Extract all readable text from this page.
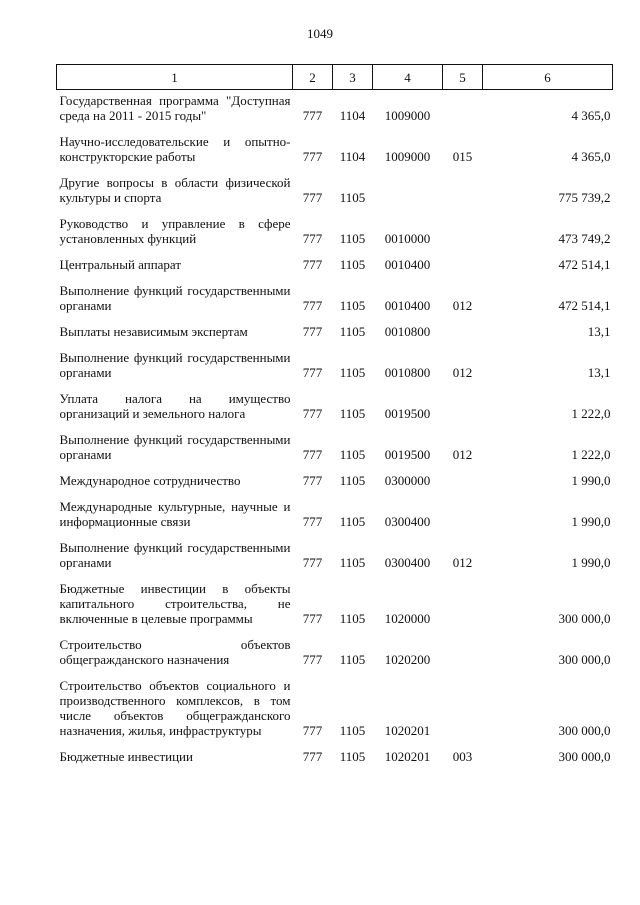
1049
1	2	3	4	5	6
Государственная программа "Доступная среда на 2011 - 2015 годы"	777	1104	1009000		4 365,0
Научно-исследовательские и опытно-конструкторские работы	777	1104	1009000	015	4 365,0
Другие вопросы в области физической культуры и спорта	777	1105			775 739,2
Руководство и управление в сфере установленных функций	777	1105	0010000		473 749,2
Центральный аппарат	777	1105	0010400		472 514,1
Выполнение функций государственными органами	777	1105	0010400	012	472 514,1
Выплаты независимым экспертам	777	1105	0010800		13,1
Выполнение функций государственными органами	777	1105	0010800	012	13,1
Уплата налога на имущество организаций и земельного налога	777	1105	0019500		1 222,0
Выполнение функций государственными органами	777	1105	0019500	012	1 222,0
Международное сотрудничество	777	1105	0300000		1 990,0
Международные культурные, научные и информационные связи	777	1105	0300400		1 990,0
Выполнение функций государственными органами	777	1105	0300400	012	1 990,0
Бюджетные инвестиции в объекты капитального строительства, не включенные в целевые программы	777	1105	1020000		300 000,0
Строительство объектов общегражданского назначения	777	1105	1020200		300 000,0
Строительство объектов социального и производственного комплексов, в том числе объектов общегражданского назначения, жилья, инфраструктуры	777	1105	1020201		300 000,0
Бюджетные инвестиции	777	1105	1020201	003	300 000,0
